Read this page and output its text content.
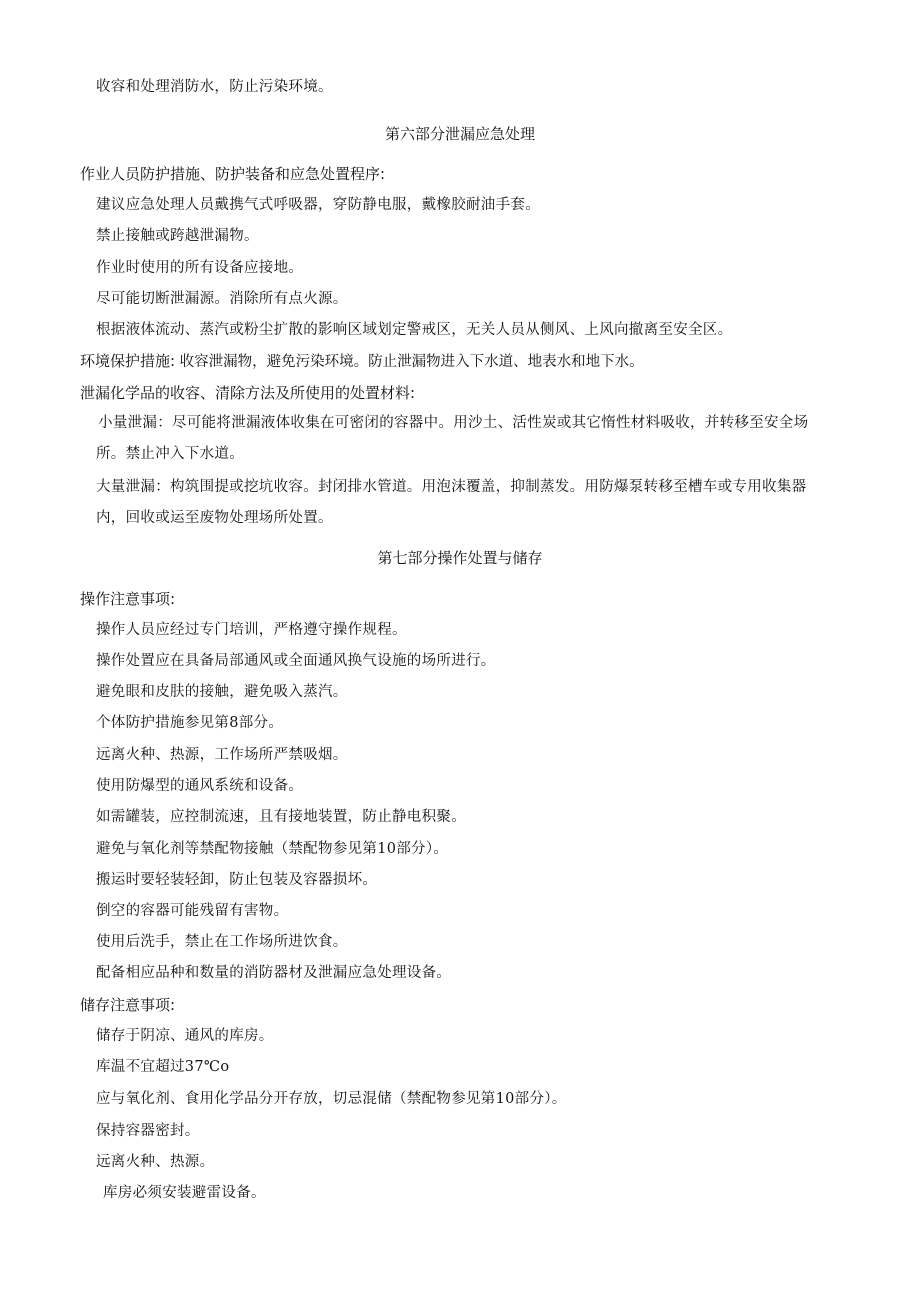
收容和处理消防水，防止污染环境。
第六部分泄漏应急处理
作业人员防护措施、防护装备和应急处置程序:
建议应急处理人员戴携气式呼吸器，穿防静电服，戴橡胶耐油手套。
禁止接触或跨越泄漏物。
作业时使用的所有设备应接地。
尽可能切断泄漏源。消除所有点火源。
根据液体流动、蒸汽或粉尘扩散的影响区域划定警戒区，无关人员从侧风、上风向撤离至安全区。
环境保护措施: 收容泄漏物，避免污染环境。防止泄漏物进入下水道、地表水和地下水。
泄漏化学品的收容、清除方法及所使用的处置材料:
小量泄漏：尽可能将泄漏液体收集在可密闭的容器中。用沙土、活性炭或其它惰性材料吸收，并转移至安全场
所。禁止冲入下水道。
大量泄漏：构筑围提或挖坑收容。封闭排水管道。用泡沫覆盖，抑制蒸发。用防爆泵转移至槽车或专用收集器
内，回收或运至废物处理场所处置。
第七部分操作处置与储存
操作注意事项:
操作人员应经过专门培训，严格遵守操作规程。
操作处置应在具备局部通风或全面通风换气设施的场所进行。
避免眼和皮肤的接触，避免吸入蒸汽。
个体防护措施参见第8部分。
远离火种、热源，工作场所严禁吸烟。
使用防爆型的通风系统和设备。
如需罐装，应控制流速，且有接地装置，防止静电积聚。
避免与氧化剂等禁配物接触（禁配物参见第10部分）。
搬运时要轻装轻卸，防止包装及容器损坏。
倒空的容器可能残留有害物。
使用后洗手，禁止在工作场所进饮食。
配备相应品种和数量的消防器材及泄漏应急处理设备。
储存注意事项:
储存于阴凉、通风的库房。
库温不宜超过37℃o
应与氧化剂、食用化学品分开存放，切忌混储（禁配物参见第10部分）。
保持容器密封。
远离火种、热源。
库房必须安装避雷设备。
